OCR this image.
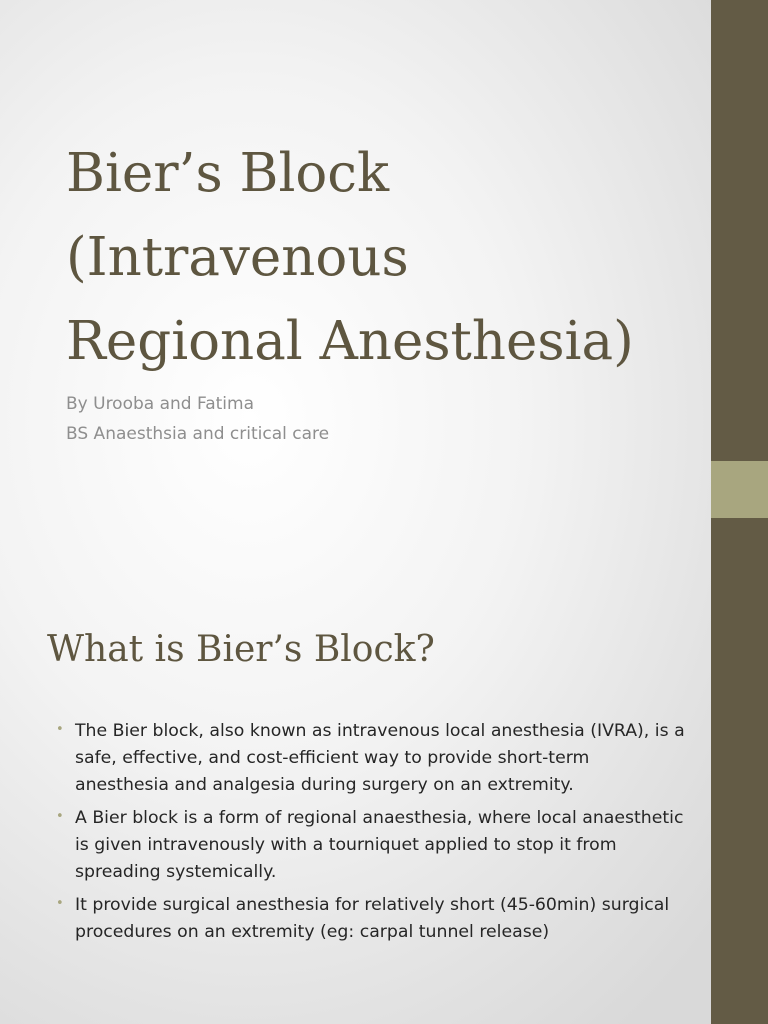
Bier’s Block
(Intravenous
Regional Anesthesia)
By Urooba and Fatima
BS Anaesthsia and critical care
What is Bier’s Block?
• The Bier block, also known as intravenous local anesthesia (IVRA), is a safe, effective, and cost-efficient way to provide short-term anesthesia and analgesia during surgery on an extremity.
• A Bier block is a form of regional anaesthesia, where local anaesthetic is given intravenously with a tourniquet applied to stop it from spreading systemically.
• It provide surgical anesthesia for relatively short (45-60min) surgical procedures on an extremity (eg: carpal tunnel release)
